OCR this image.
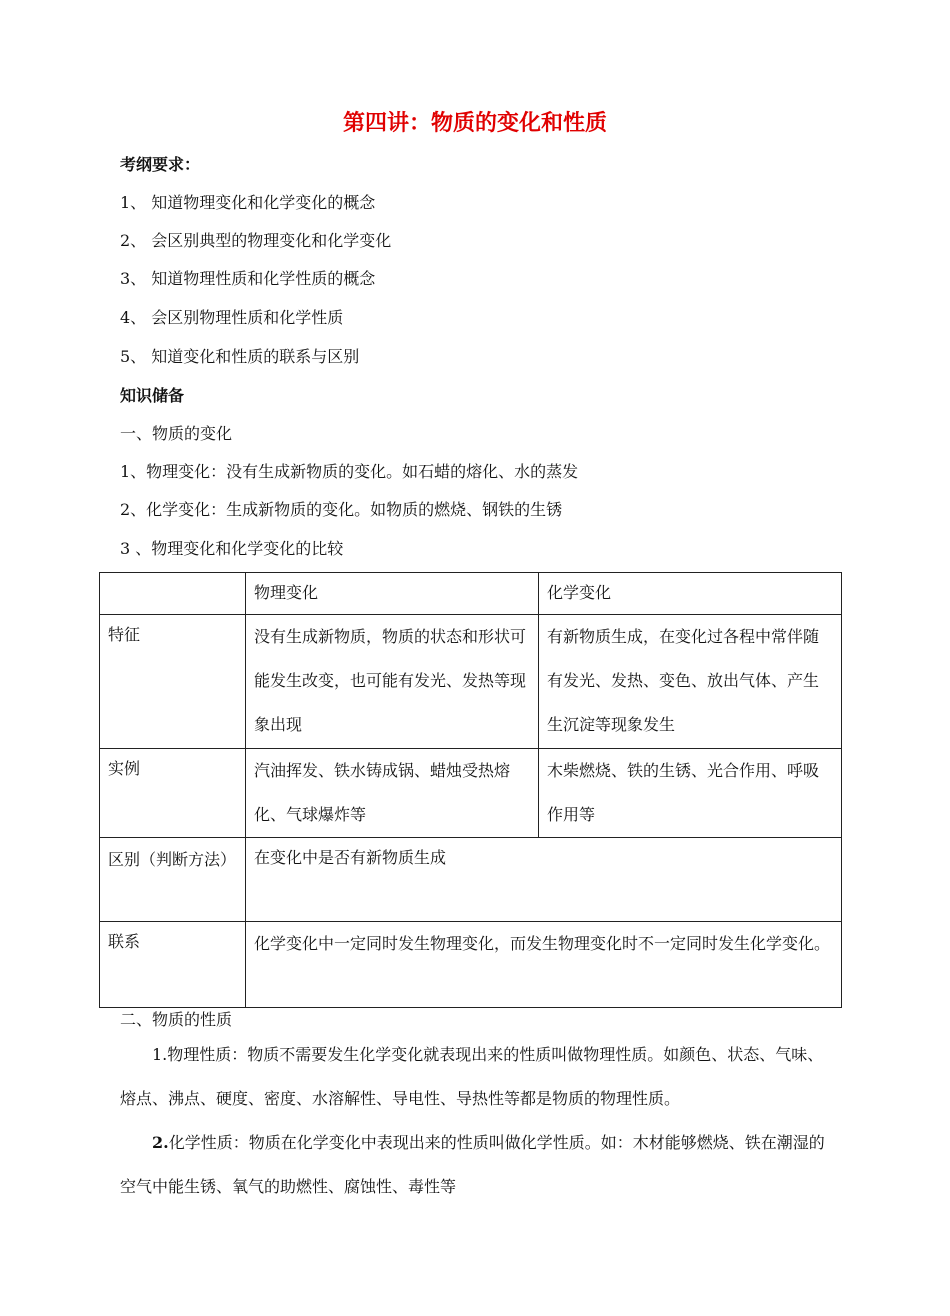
第四讲：物质的变化和性质
考纲要求：
1、 知道物理变化和化学变化的概念
2、 会区别典型的物理变化和化学变化
3、 知道物理性质和化学性质的概念
4、 会区别物理性质和化学性质
5、 知道变化和性质的联系与区别
知识储备
一、物质的变化
1、物理变化：没有生成新物质的变化。如石蜡的熔化、水的蒸发
2、化学变化：生成新物质的变化。如物质的燃烧、钢铁的生锈
3 、物理变化和化学变化的比较
	物理变化	化学变化
特征	没有生成新物质，物质的状态和形状可能发生改变，也可能有发光、发热等现象出现	有新物质生成，在变化过各程中常伴随有发光、发热、变色、放出气体、产生生沉淀等现象发生
实例	汽油挥发、铁水铸成锅、蜡烛受热熔化、气球爆炸等	木柴燃烧、铁的生锈、光合作用、呼吸作用等
区别（判断方法）	在变化中是否有新物质生成	
联系	化学变化中一定同时发生物理变化，而发生物理变化时不一定同时发生化学变化。	
二、物质的性质
1.物理性质：物质不需要发生化学变化就表现出来的性质叫做物理性质。如颜色、状态、气味、熔点、沸点、硬度、密度、水溶解性、导电性、导热性等都是物质的物理性质。
2.化学性质：物质在化学变化中表现出来的性质叫做化学性质。如：木材能够燃烧、铁在潮湿的空气中能生锈、氧气的助燃性、腐蚀性、毒性等
